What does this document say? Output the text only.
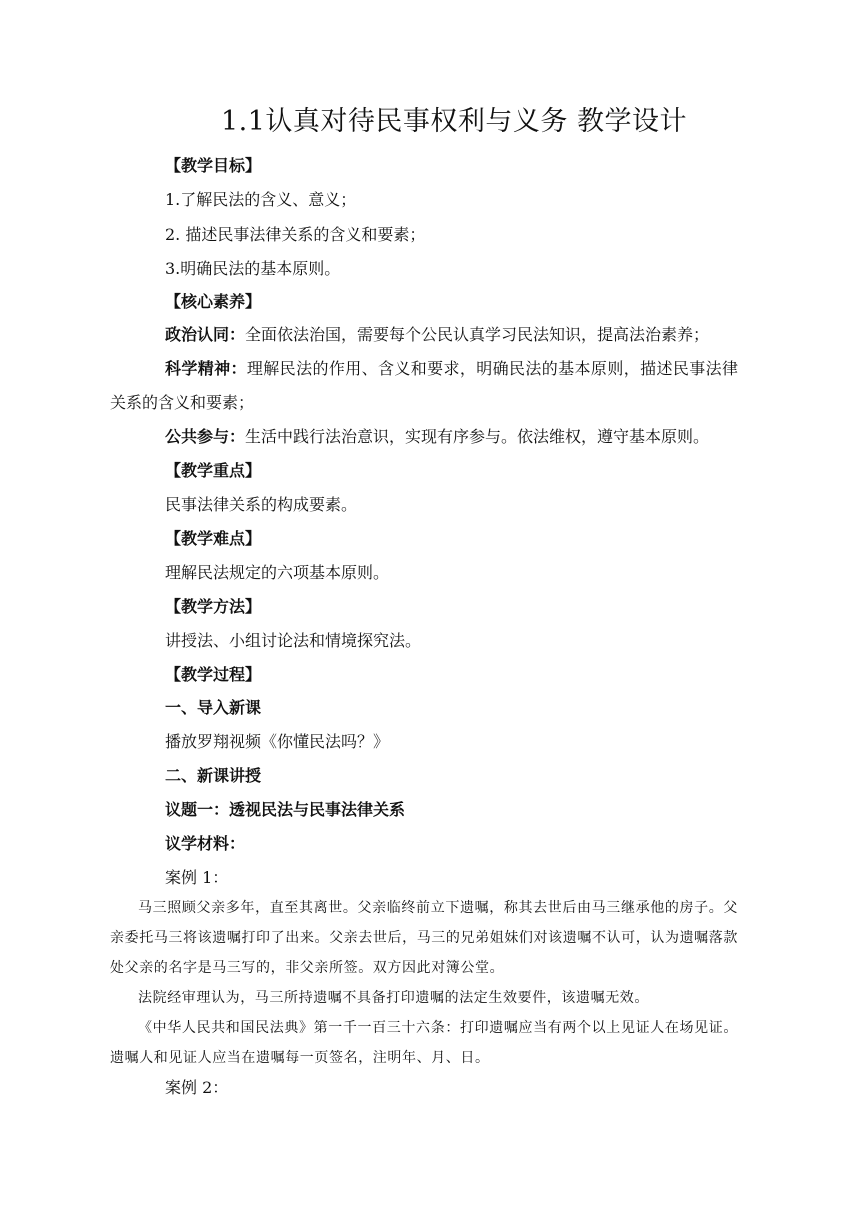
1.1认真对待民事权利与义务 教学设计
【教学目标】
1.了解民法的含义、意义；
2. 描述民事法律关系的含义和要素；
3.明确民法的基本原则。
【核心素养】
政治认同：全面依法治国，需要每个公民认真学习民法知识，提高法治素养；
科学精神：理解民法的作用、含义和要求，明确民法的基本原则，描述民事法律关系的含义和要素；
公共参与：生活中践行法治意识，实现有序参与。依法维权，遵守基本原则。
【教学重点】
民事法律关系的构成要素。
【教学难点】
理解民法规定的六项基本原则。
【教学方法】
讲授法、小组讨论法和情境探究法。
【教学过程】
一、导入新课
播放罗翔视频《你懂民法吗？》
二、新课讲授
议题一：透视民法与民事法律关系
议学材料：
案例 1：
马三照顾父亲多年，直至其离世。父亲临终前立下遗嘱，称其去世后由马三继承他的房子。父亲委托马三将该遗嘱打印了出来。父亲去世后，马三的兄弟姐妹们对该遗嘱不认可，认为遗嘱落款处父亲的名字是马三写的，非父亲所签。双方因此对簿公堂。
法院经审理认为，马三所持遗嘱不具备打印遗嘱的法定生效要件，该遗嘱无效。
《中华人民共和国民法典》第一千一百三十六条：打印遗嘱应当有两个以上见证人在场见证。遗嘱人和见证人应当在遗嘱每一页签名，注明年、月、日。
案例 2：
